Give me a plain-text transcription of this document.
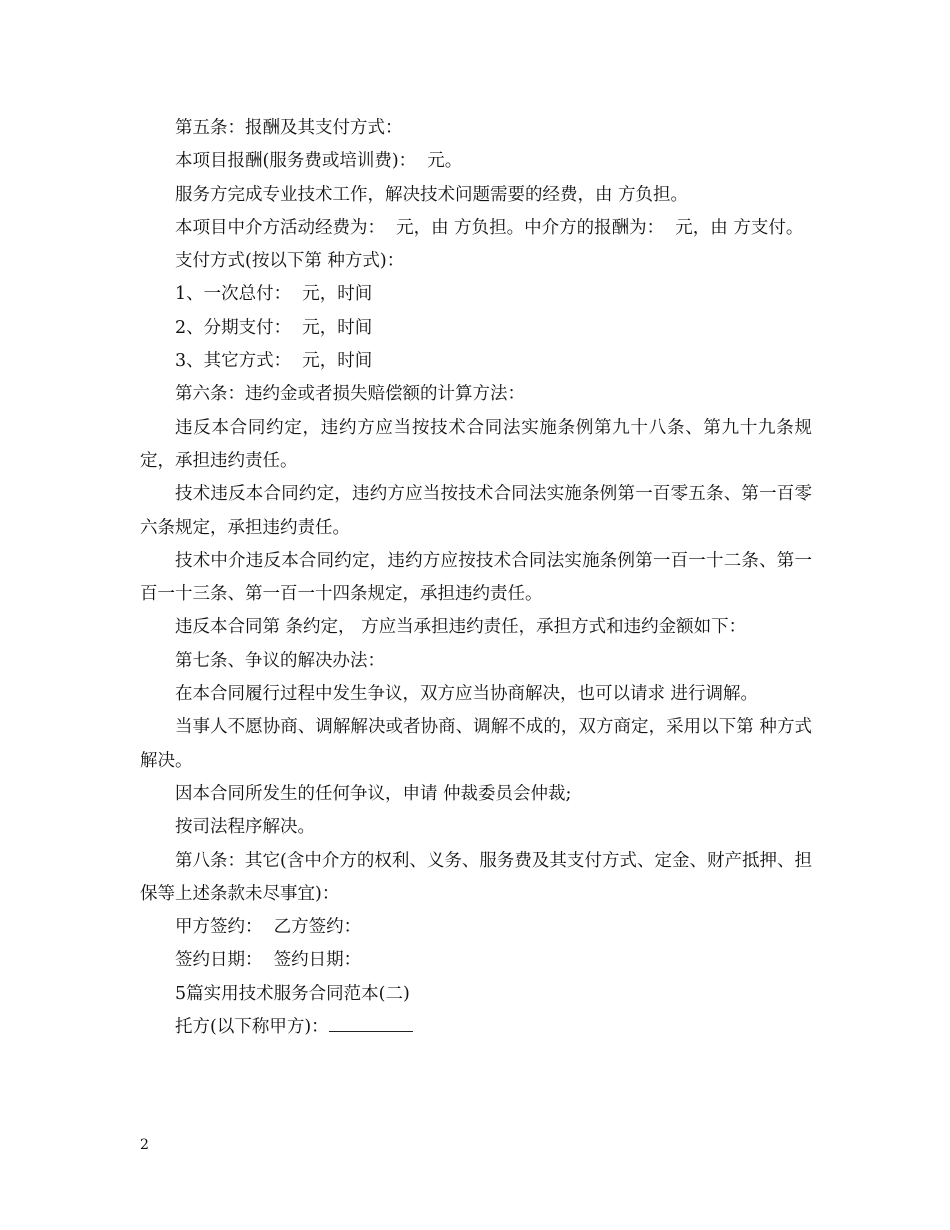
第五条：报酬及其支付方式：

本项目报酬(服务费或培训费)：  元。

服务方完成专业技术工作，解决技术问题需要的经费，由 方负担。

本项目中介方活动经费为：  元，由 方负担。中介方的报酬为：  元，由 方支付。

支付方式(按以下第 种方式)：

1、一次总付：  元，时间

2、分期支付：  元，时间

3、其它方式：  元，时间

第六条：违约金或者损失赔偿额的计算方法：

违反本合同约定，违约方应当按技术合同法实施条例第九十八条、第九十九条规定，承担违约责任。

技术违反本合同约定，违约方应当按技术合同法实施条例第一百零五条、第一百零六条规定，承担违约责任。

技术中介违反本合同约定，违约方应按技术合同法实施条例第一百一十二条、第一百一十三条、第一百一十四条规定，承担违约责任。

违反本合同第 条约定， 方应当承担违约责任，承担方式和违约金额如下：

第七条、争议的解决办法：

在本合同履行过程中发生争议，双方应当协商解决，也可以请求 进行调解。

当事人不愿协商、调解解决或者协商、调解不成的，双方商定，采用以下第 种方式解决。

因本合同所发生的任何争议，申请 仲裁委员会仲裁;

按司法程序解决。

第八条：其它(含中介方的权利、义务、服务费及其支付方式、定金、财产抵押、担保等上述条款未尽事宜)：

甲方签约：  乙方签约：

签约日期：  签约日期：

5篇实用技术服务合同范本(二)

托方(以下称甲方)：

2
